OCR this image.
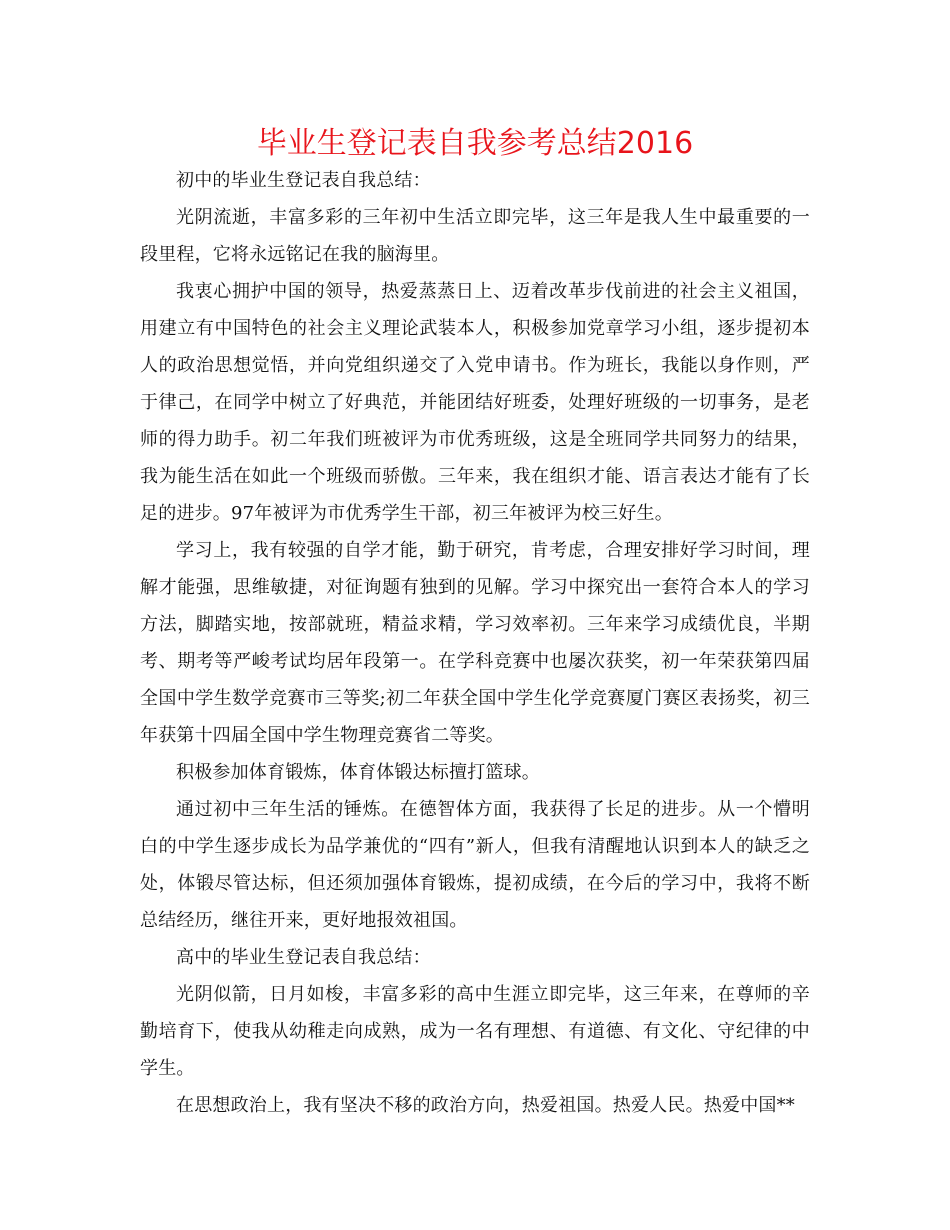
毕业生登记表自我参考总结2016

初中的毕业生登记表自我总结：

光阴流逝，丰富多彩的三年初中生活立即完毕，这三年是我人生中最重要的一段里程，它将永远铭记在我的脑海里。

我衷心拥护中国的领导，热爱蒸蒸日上、迈着改革步伐前进的社会主义祖国，用建立有中国特色的社会主义理论武装本人，积极参加党章学习小组，逐步提初本人的政治思想觉悟，并向党组织递交了入党申请书。作为班长，我能以身作则，严于律己，在同学中树立了好典范，并能团结好班委，处理好班级的一切事务，是老师的得力助手。初二年我们班被评为市优秀班级，这是全班同学共同努力的结果，我为能生活在如此一个班级而骄傲。三年来，我在组织才能、语言表达才能有了长足的进步。97年被评为市优秀学生干部，初三年被评为校三好生。

学习上，我有较强的自学才能，勤于研究，肯考虑，合理安排好学习时间，理解才能强，思维敏捷，对征询题有独到的见解。学习中探究出一套符合本人的学习方法，脚踏实地，按部就班，精益求精，学习效率初。三年来学习成绩优良，半期考、期考等严峻考试均居年段第一。在学科竞赛中也屡次获奖，初一年荣获第四届全国中学生数学竞赛市三等奖;初二年获全国中学生化学竞赛厦门赛区表扬奖，初三年获第十四届全国中学生物理竞赛省二等奖。

积极参加体育锻炼，体育体锻达标擅打篮球。

通过初中三年生活的锤炼。在德智体方面，我获得了长足的进步。从一个懵明白的中学生逐步成长为品学兼优的“四有”新人，但我有清醒地认识到本人的缺乏之处，体锻尽管达标，但还须加强体育锻炼，提初成绩，在今后的学习中，我将不断总结经历，继往开来，更好地报效祖国。

高中的毕业生登记表自我总结：

光阴似箭，日月如梭，丰富多彩的高中生涯立即完毕，这三年来，在尊师的辛勤培育下，使我从幼稚走向成熟，成为一名有理想、有道德、有文化、守纪律的中学生。

在思想政治上，我有坚决不移的政治方向，热爱祖国。热爱人民。热爱中国**
